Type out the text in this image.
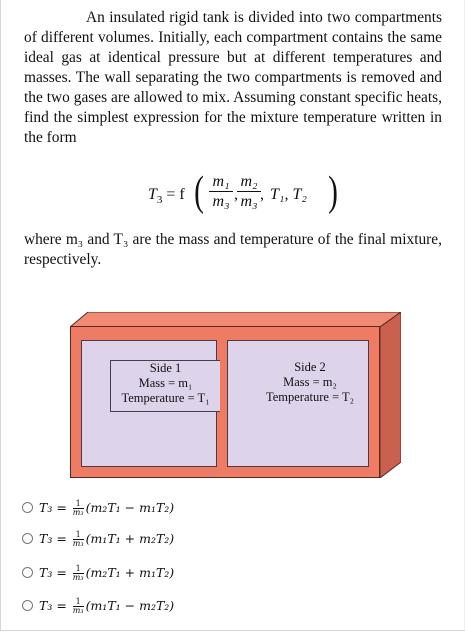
An insulated rigid tank is divided into two compartments of different volumes. Initially, each compartment contains the same ideal gas at identical pressure but at different temperatures and masses. The wall separating the two compartments is removed and the two gases are allowed to mix. Assuming constant specific heats, find the simplest expression for the mixture temperature written in the form

$T_3 = f$ ( m₁
m₃ ,
m₂
m₃ , T₁, T₂ )

where m₃ and T₃ are the mass and temperature of the final mixture, respectively.

Side 1
Mass = m₁
Temperature = T₁
Side 2
Mass = m₂
Temperature = T₂
$T_3 = \frac{1}{\text{m₃}} (m_2T_1 - m_1T_2)$
$T_3 = \frac{1}{\text{m₃}} (m_1T_1 + m_2T_2)$
$T_3 = \frac{1}{\text{m₃}} (m_2T_1 + m_1T_2)$
$T_3 = \frac{1}{\text{m₃}} (m_1T_1 - m_2T_2)$
